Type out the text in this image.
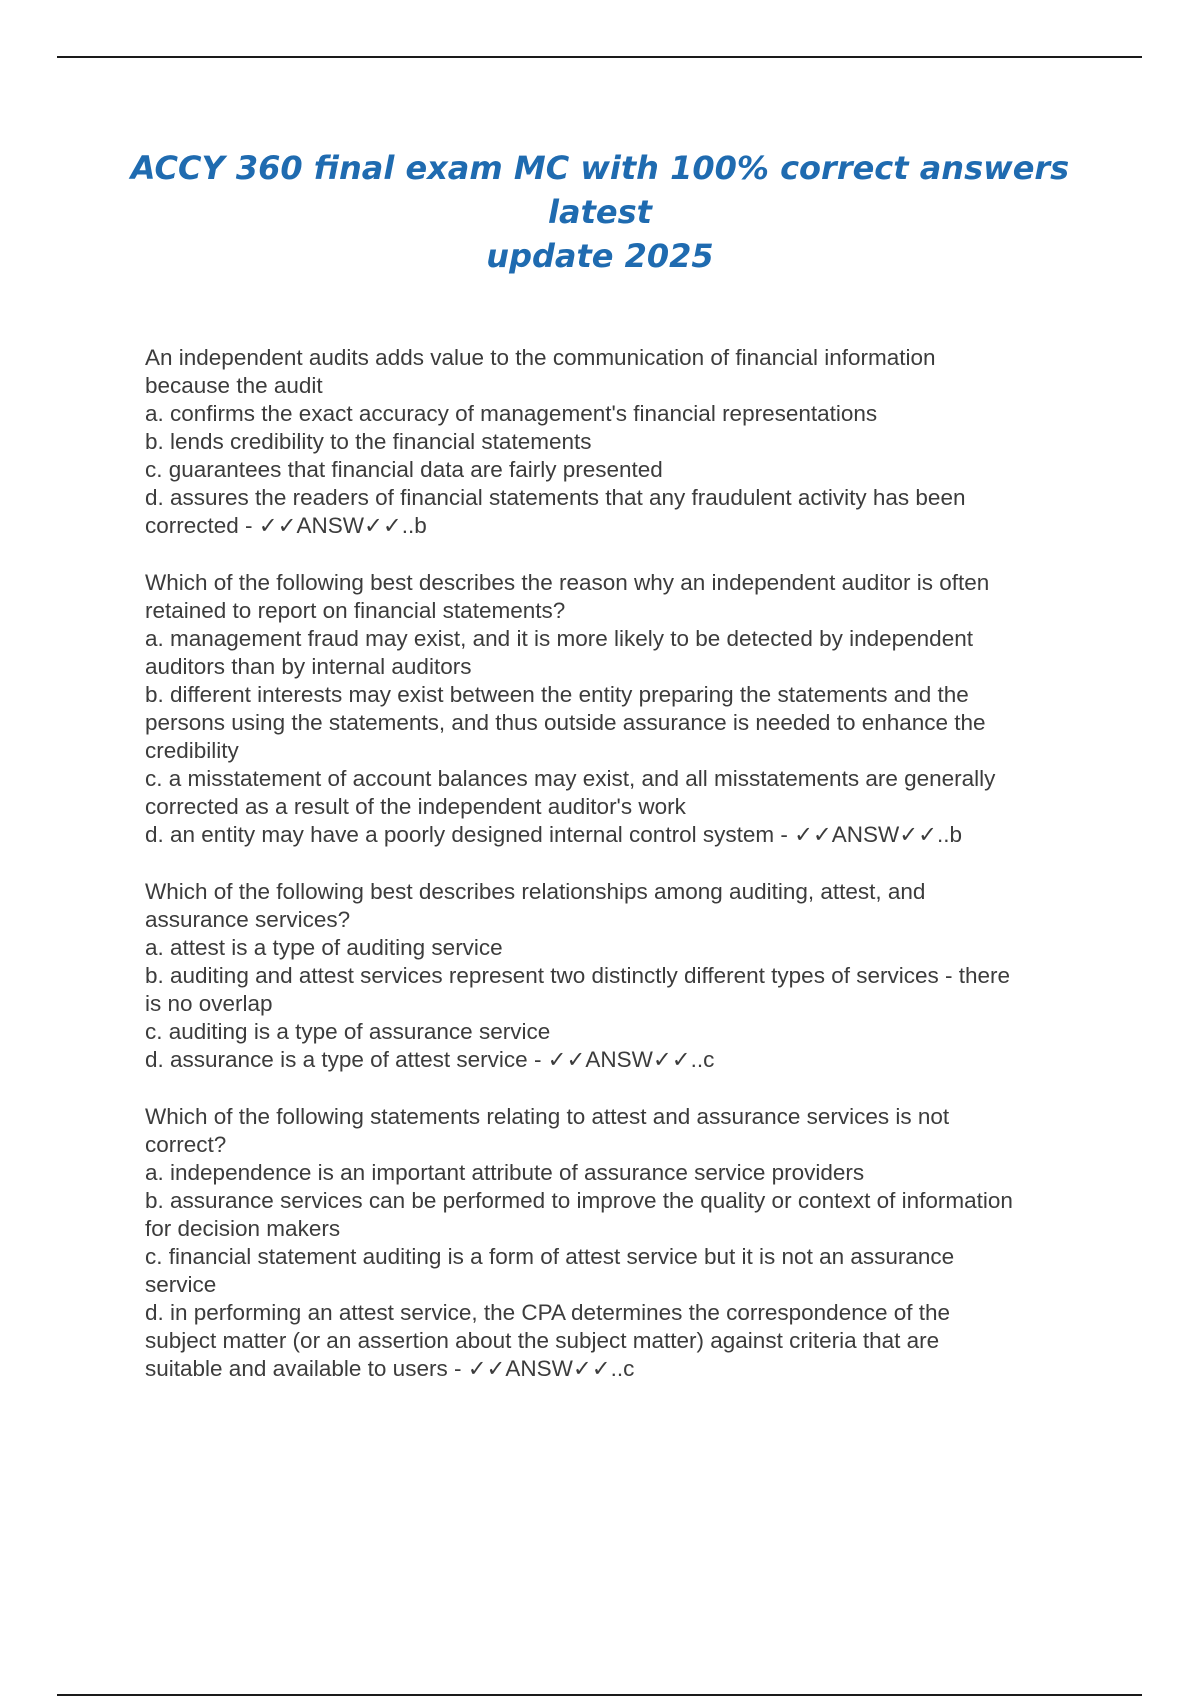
ACCY 360 final exam MC with 100% correct answers latest
update 2025
An independent audits adds value to the communication of financial information
because the audit
a. confirms the exact accuracy of management's financial representations
b. lends credibility to the financial statements
c. guarantees that financial data are fairly presented
d. assures the readers of financial statements that any fraudulent activity has been
corrected - ✓✓ANSW✓✓..b
Which of the following best describes the reason why an independent auditor is often
retained to report on financial statements?
a. management fraud may exist, and it is more likely to be detected by independent
auditors than by internal auditors
b. different interests may exist between the entity preparing the statements and the
persons using the statements, and thus outside assurance is needed to enhance the
credibility
c. a misstatement of account balances may exist, and all misstatements are generally
corrected as a result of the independent auditor's work
d. an entity may have a poorly designed internal control system - ✓✓ANSW✓✓..b
Which of the following best describes relationships among auditing, attest, and
assurance services?
a. attest is a type of auditing service
b. auditing and attest services represent two distinctly different types of services - there
is no overlap
c. auditing is a type of assurance service
d. assurance is a type of attest service - ✓✓ANSW✓✓..c
Which of the following statements relating to attest and assurance services is not
correct?
a. independence is an important attribute of assurance service providers
b. assurance services can be performed to improve the quality or context of information
for decision makers
c. financial statement auditing is a form of attest service but it is not an assurance
service
d. in performing an attest service, the CPA determines the correspondence of the
subject matter (or an assertion about the subject matter) against criteria that are
suitable and available to users - ✓✓ANSW✓✓..c
